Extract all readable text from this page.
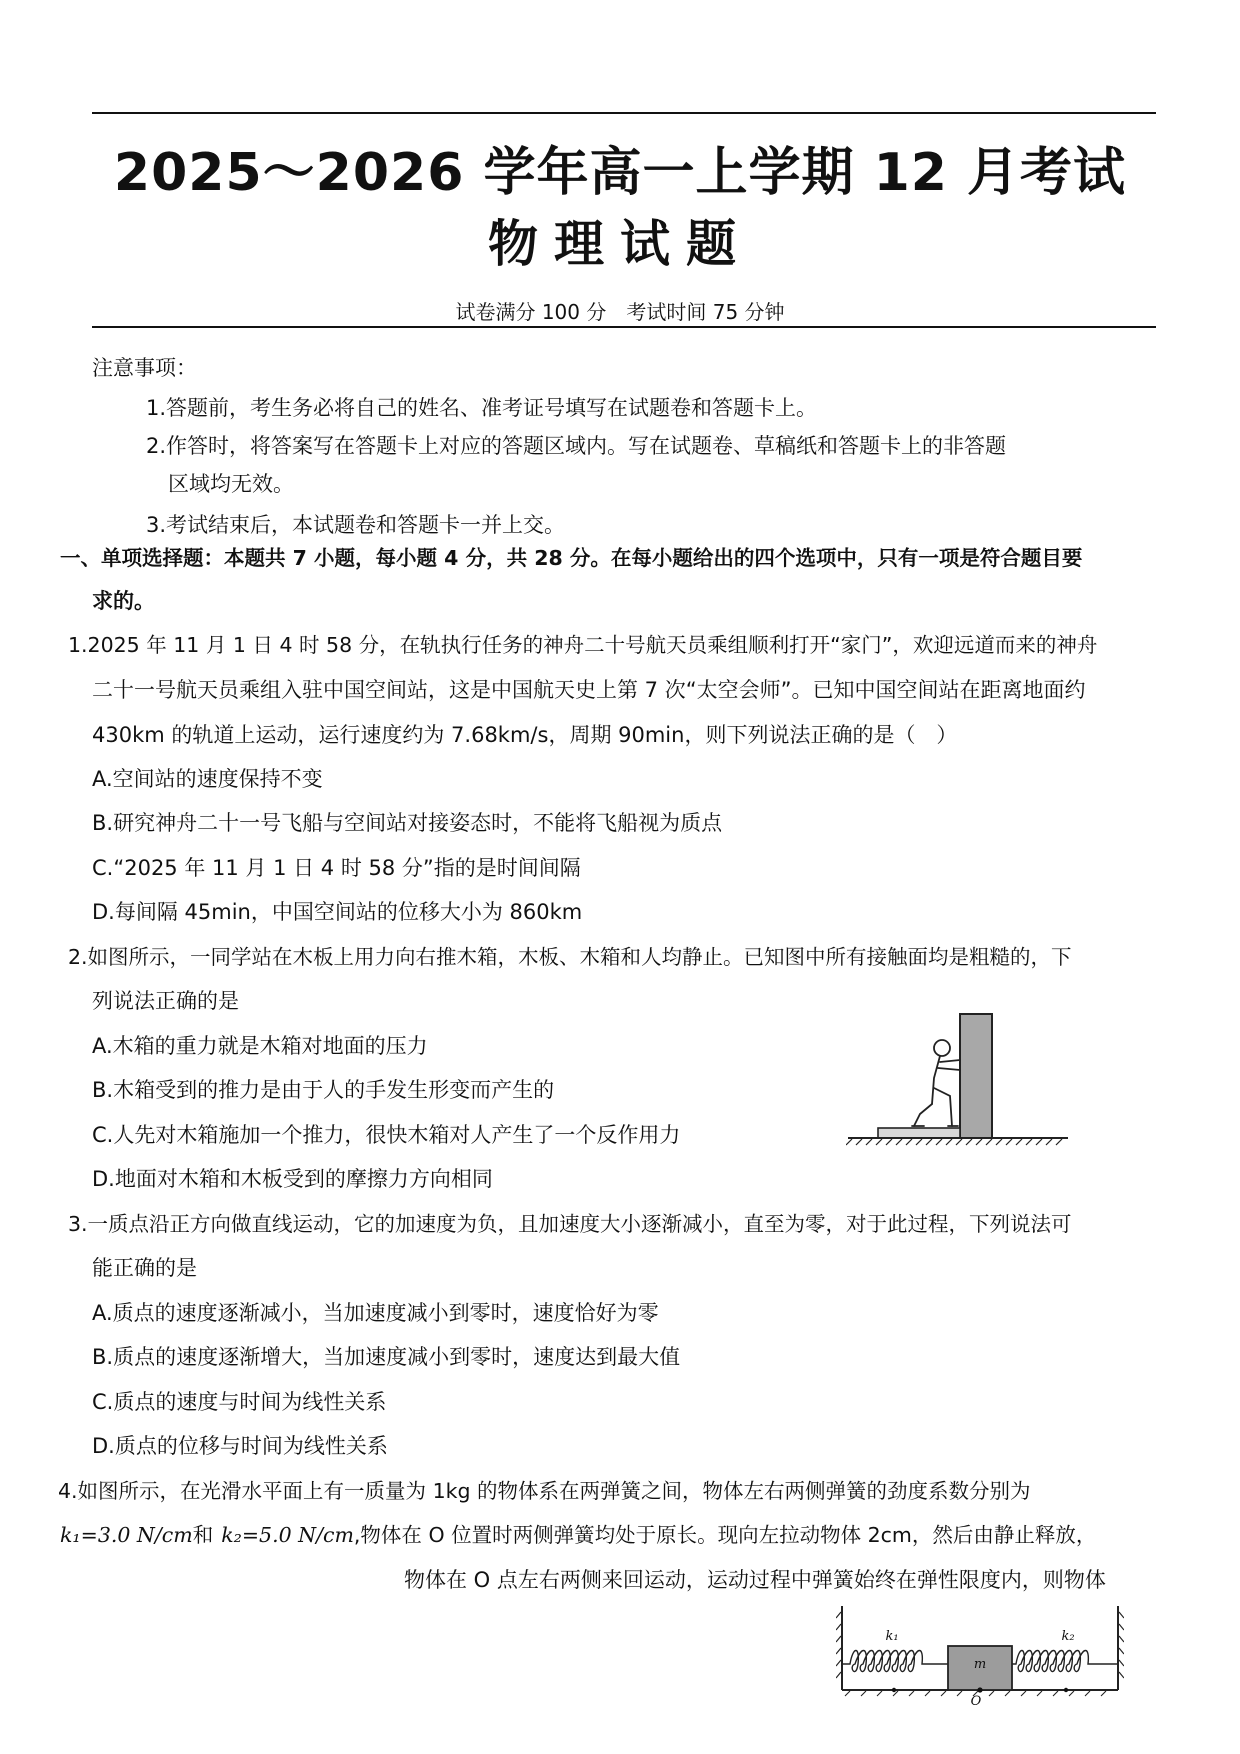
2025～2026 学年高一上学期 12 月考试
物理试题
试卷满分 100 分　考试时间 75 分钟
注意事项：
1.答题前，考生务必将自己的姓名、准考证号填写在试题卷和答题卡上。
2.作答时，将答案写在答题卡上对应的答题区域内。写在试题卷、草稿纸和答题卡上的非答题
区域均无效。
3.考试结束后，本试题卷和答题卡一并上交。
一、单项选择题：本题共 7 小题，每小题 4 分，共 28 分。在每小题给出的四个选项中，只有一项是符合题目要
求的。
1.2025 年 11 月 1 日 4 时 58 分，在轨执行任务的神舟二十号航天员乘组顺利打开“家门”，欢迎远道而来的神舟
二十一号航天员乘组入驻中国空间站，这是中国航天史上第 7 次“太空会师”。已知中国空间站在距离地面约
430km 的轨道上运动，运行速度约为 7.68km/s，周期 90min，则下列说法正确的是（　）
A.空间站的速度保持不变
B.研究神舟二十一号飞船与空间站对接姿态时，不能将飞船视为质点
C.“2025 年 11 月 1 日 4 时 58 分”指的是时间间隔
D.每间隔 45min，中国空间站的位移大小为 860km
2.如图所示，一同学站在木板上用力向右推木箱，木板、木箱和人均静止。已知图中所有接触面均是粗糙的，下
列说法正确的是
A.木箱的重力就是木箱对地面的压力
B.木箱受到的推力是由于人的手发生形变而产生的
C.人先对木箱施加一个推力，很快木箱对人产生了一个反作用力
D.地面对木箱和木板受到的摩擦力方向相同
3.一质点沿正方向做直线运动，它的加速度为负，且加速度大小逐渐减小，直至为零，对于此过程，下列说法可
能正确的是
A.质点的速度逐渐减小，当加速度减小到零时，速度恰好为零
B.质点的速度逐渐增大，当加速度减小到零时，速度达到最大值
C.质点的速度与时间为线性关系
D.质点的位移与时间为线性关系
4.如图所示，在光滑水平面上有一质量为 1kg 的物体系在两弹簧之间，物体左右两侧弹簧的劲度系数分别为
k₁=3.0 N/cm和 k₂=5.0 N/cm,物体在 O 位置时两侧弹簧均处于原长。现向左拉动物体 2cm，然后由静止释放，
物体在 O 点左右两侧来回运动，运动过程中弹簧始终在弹性限度内，则物体
m
k₁	k₂
O
